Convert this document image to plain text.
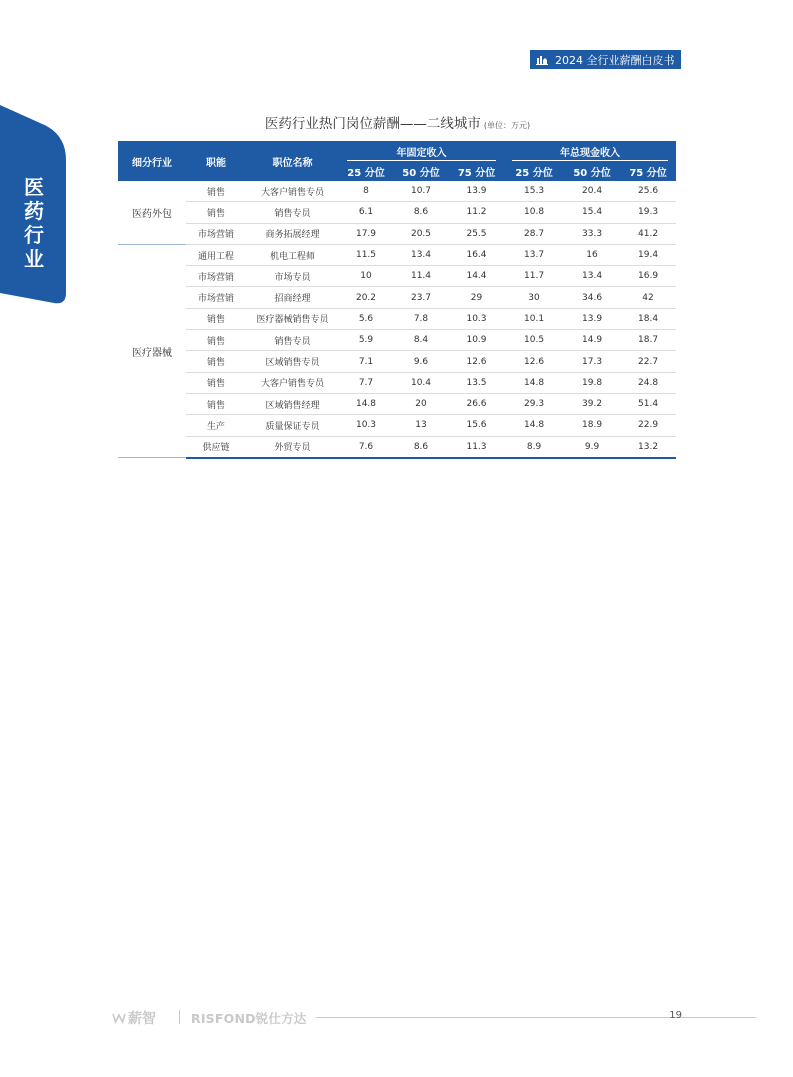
2024 全行业薪酬白皮书
医
药
行
业
医药行业热门岗位薪酬——二线城市 (单位：万元)
细分行业	职能	职位名称	年固定收入			年总现金收入		
			25 分位	50 分位	75 分位	25 分位	50 分位	75 分位
医药外包	销售	大客户销售专员	8	10.7	13.9	15.3	20.4	25.6
	销售	销售专员	6.1	8.6	11.2	10.8	15.4	19.3
	市场营销	商务拓展经理	17.9	20.5	25.5	28.7	33.3	41.2
医疗器械	通用工程	机电工程师	11.5	13.4	16.4	13.7	16	19.4
	市场营销	市场专员	10	11.4	14.4	11.7	13.4	16.9
	市场营销	招商经理	20.2	23.7	29	30	34.6	42
	销售	医疗器械销售专员	5.6	7.8	10.3	10.1	13.9	18.4
	销售	销售专员	5.9	8.4	10.9	10.5	14.9	18.7
	销售	区域销售专员	7.1	9.6	12.6	12.6	17.3	22.7
	销售	大客户销售专员	7.7	10.4	13.5	14.8	19.8	24.8
	销售	区域销售经理	14.8	20	26.6	29.3	39.2	51.4
	生产	质量保证专员	10.3	13	15.6	14.8	18.9	22.9
	供应链	外贸专员	7.6	8.6	11.3	8.9	9.9	13.2
薪智	RISFOND锐仕方达	19
